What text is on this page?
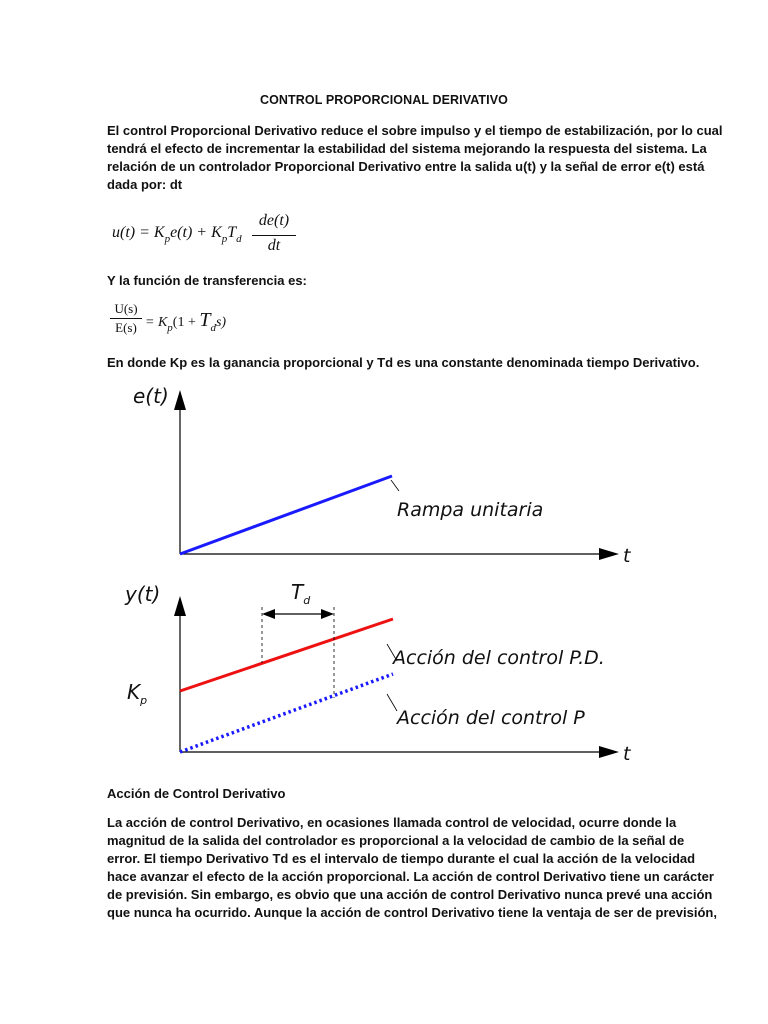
CONTROL PROPORCIONAL DERIVATIVO
El control Proporcional Derivativo reduce el sobre impulso y el tiempo de estabilización, por lo cual
tendrá el efecto de incrementar la estabilidad del sistema mejorando la respuesta del sistema. La
relación de un controlador Proporcional Derivativo entre la salida u(t) y la señal de error e(t) está
dada por: dt
$u(t) = K_pe(t) + K_pT_d$
de(t)
dt
Y la función de transferencia es:
U(s)
$E(s) = K_p(1 + T_ds)$
En donde Kp es la ganancia proporcional y Td es una constante denominada tiempo Derivativo.
e(t)
t
Rampa unitaria
y(t)
t
$K_p$
$T_d$
Acción del control P.D.
Acción del control P
Acción de Control Derivativo
La acción de control Derivativo, en ocasiones llamada control de velocidad, ocurre donde la
magnitud de la salida del controlador es proporcional a la velocidad de cambio de la señal de
error. El tiempo Derivativo Td es el intervalo de tiempo durante el cual la acción de la velocidad
hace avanzar el efecto de la acción proporcional. La acción de control Derivativo tiene un carácter
de previsión. Sin embargo, es obvio que una acción de control Derivativo nunca prevé una acción
que nunca ha ocurrido. Aunque la acción de control Derivativo tiene la ventaja de ser de previsión,
